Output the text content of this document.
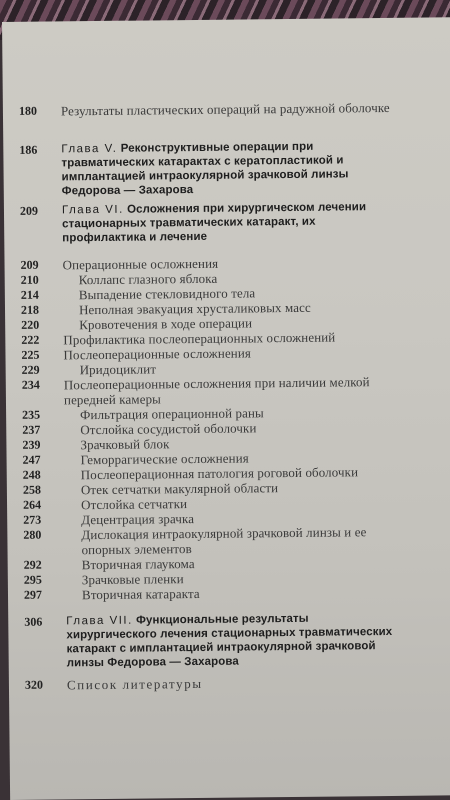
180	Результаты пластических операций на радужной оболочке
186	Глава V. Реконструктивные операции при травматических катарактах с кератопластикой и имплантацией интраокулярной зрачковой линзы Федорова — Захарова
209	Глава VI. Осложнения при хирургическом лечении стационарных травматических катаракт, их профилактика и лечение
209	Операционные осложнения
210	Коллапс глазного яблока
214	Выпадение стекловидного тела
218	Неполная эвакуация хрусталиковых масс
220	Кровотечения в ходе операции
222	Профилактика послеоперационных осложнений
225	Послеоперационные осложнения
229	Иридоциклит
234	Послеоперационные осложнения при наличии мелкой передней камеры
235	Фильтрация операционной раны
237	Отслойка сосудистой оболочки
239	Зрачковый блок
247	Геморрагические осложнения
248	Послеоперационная патология роговой оболочки
258	Отек сетчатки макулярной области
264	Отслойка сетчатки
273	Децентрация зрачка
280	Дислокация интраокулярной зрачковой линзы и ее опорных элементов
292	Вторичная глаукома
295	Зрачковые пленки
297	Вторичная катаракта
306	Глава VII. Функциональные результаты хирургического лечения стационарных травматических катаракт с имплантацией интраокулярной зрачковой линзы Федорова — Захарова
320	Список литературы
